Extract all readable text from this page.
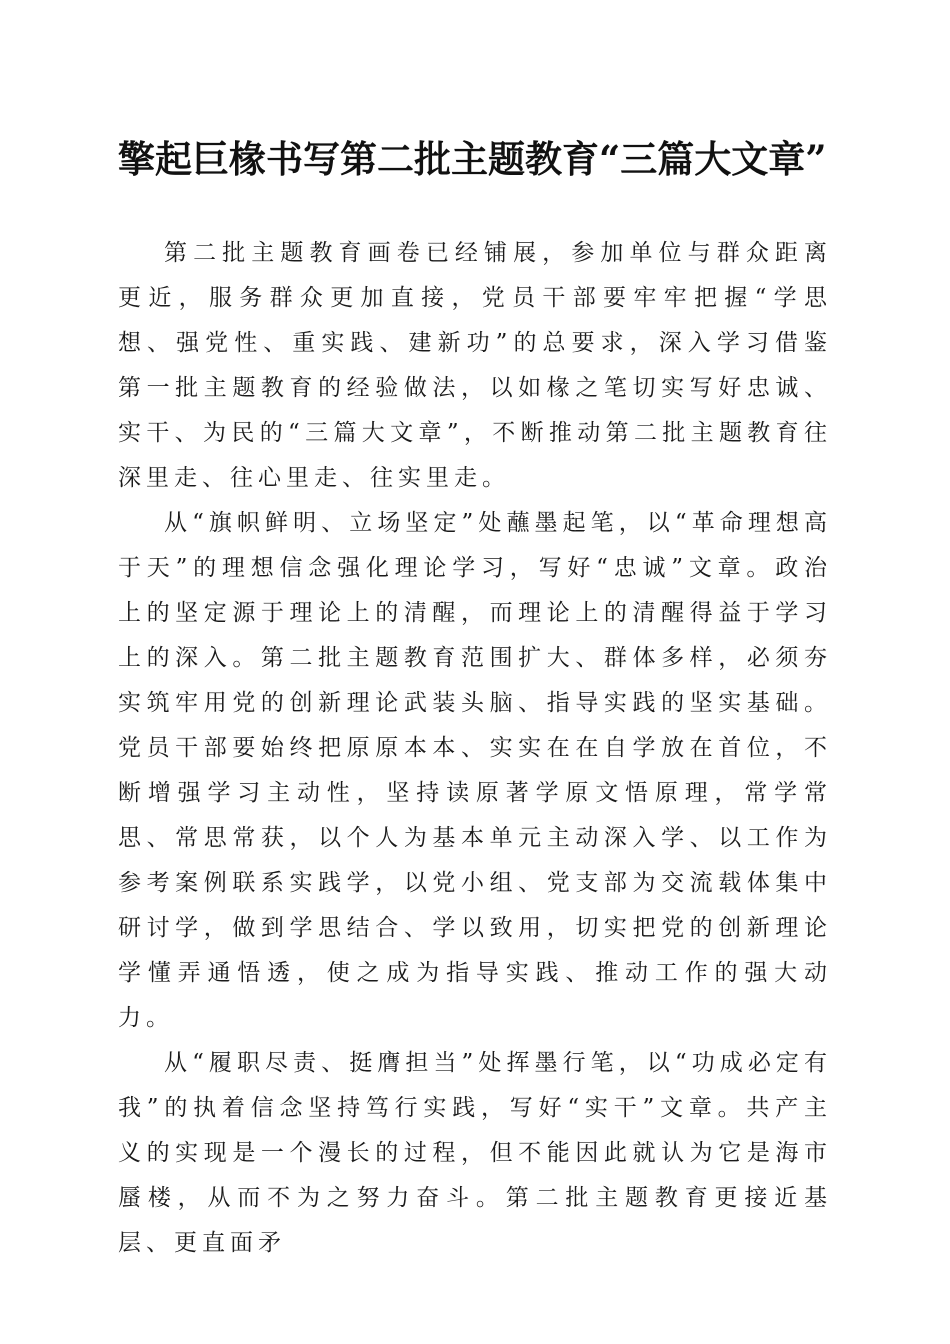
擎起巨椽书写第二批主题教育“三篇大文章”

第二批主题教育画卷已经铺展，参加单位与群众距离更近，服务群众更加直接，党员干部要牢牢把握“学思想、强党性、重实践、建新功”的总要求，深入学习借鉴第一批主题教育的经验做法，以如椽之笔切实写好忠诚、实干、为民的“三篇大文章”，不断推动第二批主题教育往深里走、往心里走、往实里走。

从“旗帜鲜明、立场坚定”处蘸墨起笔，以“革命理想高于天”的理想信念强化理论学习，写好“忠诚”文章。政治上的坚定源于理论上的清醒，而理论上的清醒得益于学习上的深入。第二批主题教育范围扩大、群体多样，必须夯实筑牢用党的创新理论武装头脑、指导实践的坚实基础。党员干部要始终把原原本本、实实在在自学放在首位，不断增强学习主动性，坚持读原著学原文悟原理，常学常思、常思常获，以个人为基本单元主动深入学、以工作为参考案例联系实践学，以党小组、党支部为交流载体集中研讨学，做到学思结合、学以致用，切实把党的创新理论学懂弄通悟透，使之成为指导实践、推动工作的强大动力。

从“履职尽责、挺膺担当”处挥墨行笔，以“功成必定有我”的执着信念坚持笃行实践，写好“实干”文章。共产主义的实现是一个漫长的过程，但不能因此就认为它是海市蜃楼，从而不为之努力奋斗。第二批主题教育更接近基层、更直面矛
